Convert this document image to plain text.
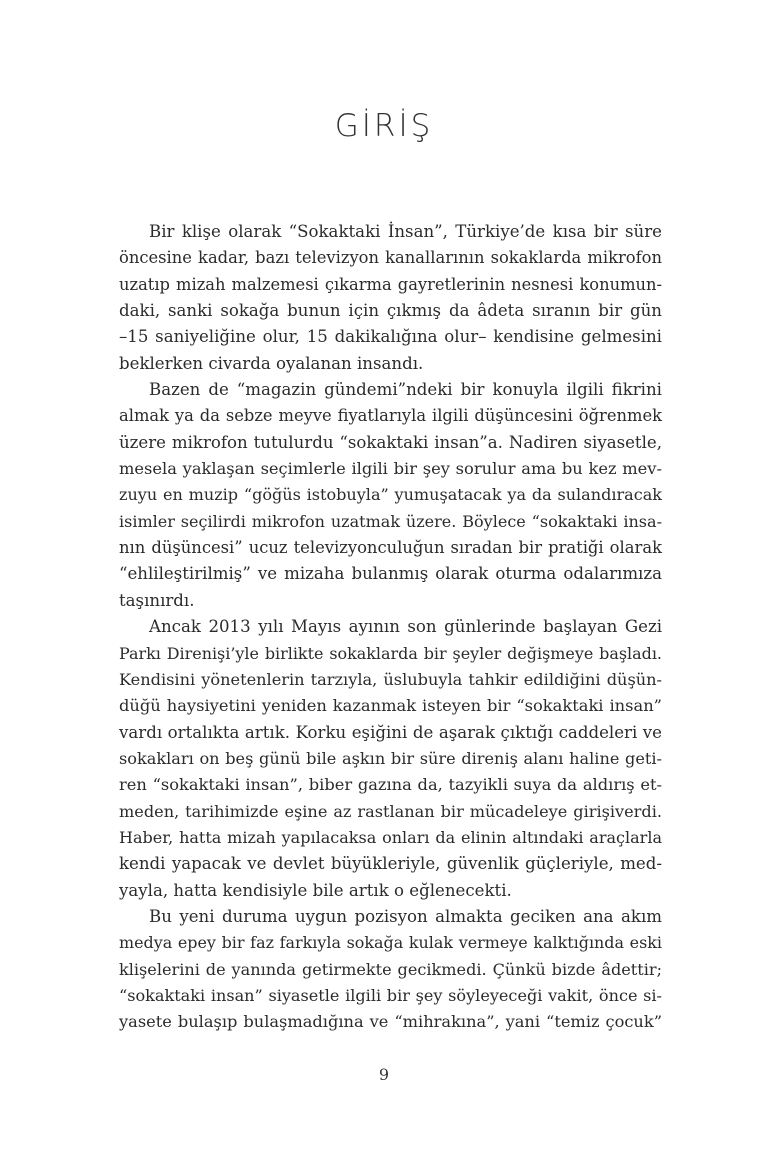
GİRİŞ
Bir klişe olarak “Sokaktaki İnsan”, Türkiye’de kısa bir süre
öncesine kadar, bazı televizyon kanallarının sokaklarda mikrofon
uzatıp mizah malzemesi çıkarma gayretlerinin nesnesi konumun-
daki, sanki sokağa bunun için çıkmış da âdeta sıranın bir gün
–15 saniyeliğine olur, 15 dakikalığına olur– kendisine gelmesini
beklerken civarda oyalanan insandı.
Bazen de “magazin gündemi”ndeki bir konuyla ilgili fikrini
almak ya da sebze meyve fiyatlarıyla ilgili düşüncesini öğrenmek
üzere mikrofon tutulurdu “sokaktaki insan”a. Nadiren siyasetle,
mesela yaklaşan seçimlerle ilgili bir şey sorulur ama bu kez mev-
zuyu en muzip “göğüs istobuyla” yumuşatacak ya da sulandıracak
isimler seçilirdi mikrofon uzatmak üzere. Böylece “sokaktaki insa-
nın düşüncesi” ucuz televizyonculuğun sıradan bir pratiği olarak
“ehlileştirilmiş” ve mizaha bulanmış olarak oturma odalarımıza
taşınırdı.
Ancak 2013 yılı Mayıs ayının son günlerinde başlayan Gezi
Parkı Direnişi’yle birlikte sokaklarda bir şeyler değişmeye başladı.
Kendisini yönetenlerin tarzıyla, üslubuyla tahkir edildiğini düşün-
düğü haysiyetini yeniden kazanmak isteyen bir “sokaktaki insan”
vardı ortalıkta artık. Korku eşiğini de aşarak çıktığı caddeleri ve
sokakları on beş günü bile aşkın bir süre direniş alanı haline geti-
ren “sokaktaki insan”, biber gazına da, tazyikli suya da aldırış et-
meden, tarihimizde eşine az rastlanan bir mücadeleye girişiverdi.
Haber, hatta mizah yapılacaksa onları da elinin altındaki araçlarla
kendi yapacak ve devlet büyükleriyle, güvenlik güçleriyle, med-
yayla, hatta kendisiyle bile artık o eğlenecekti.
Bu yeni duruma uygun pozisyon almakta geciken ana akım
medya epey bir faz farkıyla sokağa kulak vermeye kalktığında eski
klişelerini de yanında getirmekte gecikmedi. Çünkü bizde âdettir;
“sokaktaki insan” siyasetle ilgili bir şey söyleyeceği vakit, önce si-
yasete bulaşıp bulaşmadığına ve “mihrakına”, yani “temiz çocuk”
9
